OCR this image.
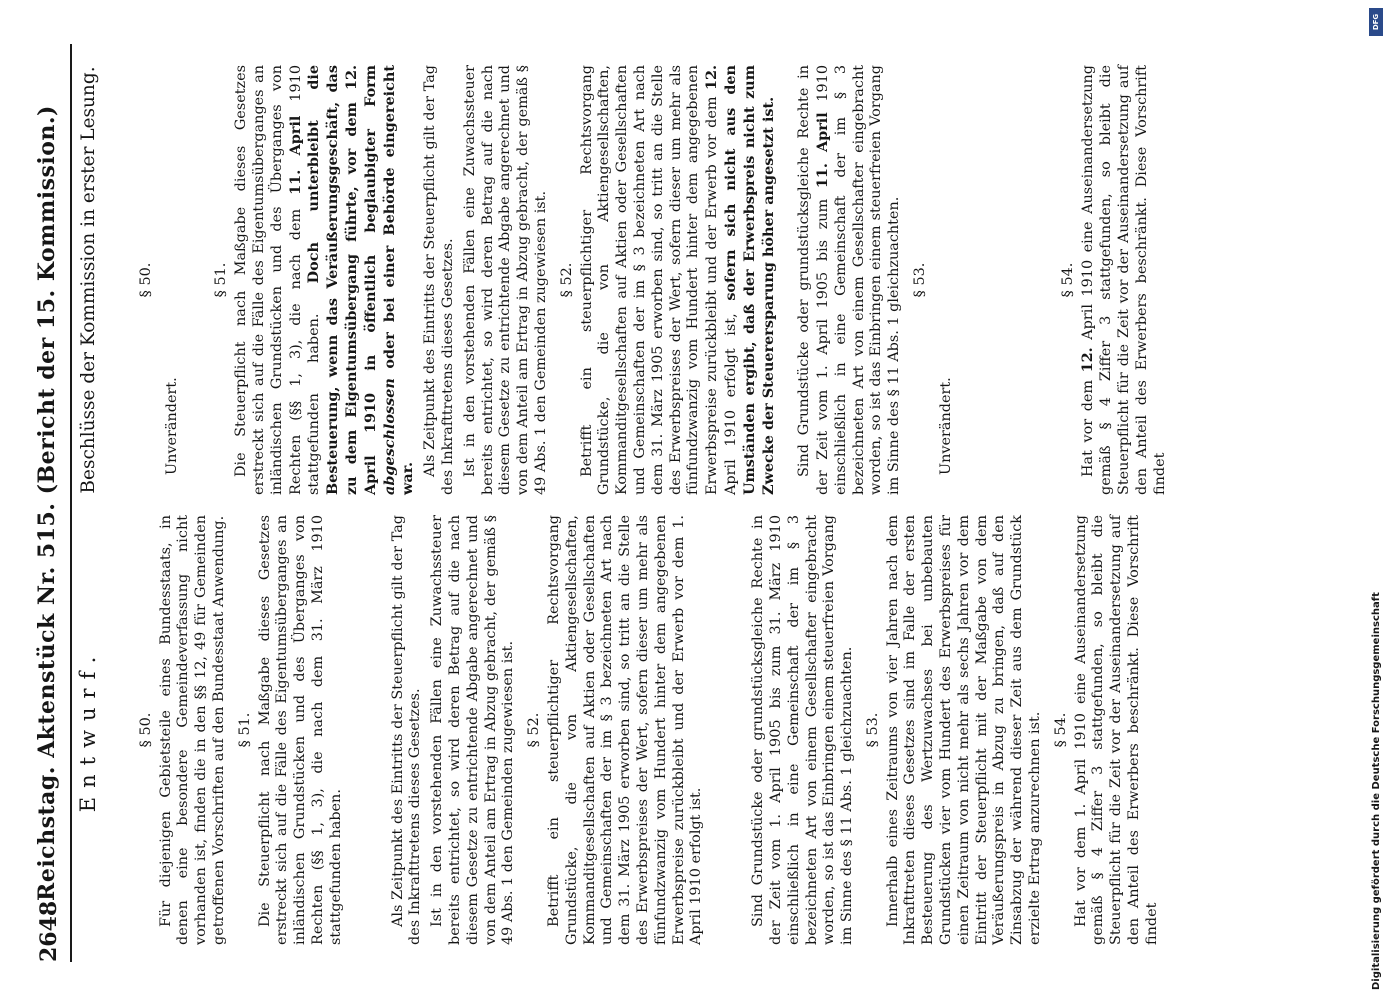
2648
Reichstag. Aktenstück Nr. 515. (Bericht der 15. Kommission.) Entwurf.	§ 50. Für diejenigen Gebietsteile eines Bundesstaats, in denen eine besondere Gemeindeverfassung nicht vorhanden ist, finden die in den §§ 12, 49 für Gemeinden getroffenen Vorschriften auf den Bundesstaat Anwendung. § 51. Die Steuerpflicht nach Maßgabe dieses Gesetzes erstreckt sich auf die Fälle des Eigentumsüberganges an inländischen Grundstücken und des Überganges von Rechten (§§ 1, 3), die nach dem 31. März 1910 stattgefunden haben.	Als Zeitpunkt des Eintritts der Steuerpflicht gilt der Tag des Inkrafttretens dieses Gesetzes. Ist in den vorstehenden Fällen eine Zuwachssteuer bereits entrichtet, so wird deren Betrag auf die nach diesem Gesetze zu entrichtende Abgabe angerechnet und von dem Anteil am Ertrag in Abzug gebracht, der gemäß § 49 Abs. 1 den Gemeinden zugewiesen ist. § 52. Betrifft ein steuerpflichtiger Rechtsvorgang Grundstücke, die von Aktiengesellschaften, Kommanditgesellschaften auf Aktien oder Gesellschaften und Gemeinschaften der im § 3 bezeichneten Art nach dem 31. März 1905 erworben sind, so tritt an die Stelle des Erwerbspreises der Wert, sofern dieser um mehr als fünfundzwanzig vom Hundert hinter dem angegebenen Erwerbspreise zurückbleibt und der Erwerb vor dem 1. April 1910 erfolgt ist.	Sind Grundstücke oder grundstücksgleiche Rechte in der Zeit vom 1. April 1905 bis zum 31. März 1910 einschließlich in eine Gemeinschaft der im § 3 bezeichneten Art von einem Gesellschafter eingebracht worden, so ist das Einbringen einem steuerfreien Vorgang im Sinne des § 11 Abs. 1 gleichzuachten. § 53. Innerhalb eines Zeitraums von vier Jahren nach dem Inkrafttreten dieses Gesetzes sind im Falle der ersten Besteuerung des Wertzuwachses bei unbebauten Grundstücken vier vom Hundert des Erwerbspreises für einen Zeitraum von nicht mehr als sechs Jahren vor dem Eintritt der Steuerpflicht mit der Maßgabe von dem Veräußerungspreis in Abzug zu bringen, daß auf den Zinsabzug der während dieser Zeit aus dem Grundstück erzielte Ertrag anzurechnen ist. § 54. Hat vor dem 1. April 1910 eine Auseinandersetzung gemäß § 4 Ziffer 3 stattgefunden, so bleibt die Steuerpflicht für die Zeit vor der Auseinandersetzung auf den Anteil des Erwerbers beschränkt. Diese Vorschrift findet

Beschlüsse der Kommission in erster Lesung.	§ 50.
Unverändert.
§ 51. Die Steuerpflicht nach Maßgabe dieses Gesetzes erstreckt sich auf die Fälle des Eigentumsüberganges an inländischen Grundstücken und des Überganges von Rechten (§§ 1, 3), die nach dem 11. April 1910 stattgefunden haben. Doch unterbleibt die Besteuerung, wenn das Veräußerungsgeschäft, das zu dem Eigentumsübergang führte, vor dem 12. April 1910 in öffentlich beglaubigter Form abgeschlossen oder bei einer Behörde eingereicht war.

Als Zeitpunkt des Eintritts der Steuerpflicht gilt der Tag des Inkrafttretens dieses Gesetzes. Ist in den vorstehenden Fällen eine Zuwachssteuer bereits entrichtet, so wird deren Betrag auf die nach diesem Gesetze zu entrichtende Abgabe angerechnet und von dem Anteil am Ertrag in Abzug gebracht, der gemäß § 49 Abs. 1 den Gemeinden zugewiesen ist. § 52. Betrifft ein steuerpflichtiger Rechtsvorgang Grundstücke, die von Aktiengesellschaften, Kommanditgesellschaften auf Aktien oder Gesellschaften und Gemeinschaften der im § 3 bezeichneten Art nach dem 31. März 1905 erworben sind, so tritt an die Stelle des Erwerbspreises der Wert, sofern dieser um mehr als fünfundzwanzig vom Hundert hinter dem angegebenen Erwerbspreise zurückbleibt und der Erwerb vor dem 12. April 1910 erfolgt ist, sofern sich nicht aus den Umständen ergibt, daß der Erwerbspreis nicht zum Zwecke der Steuerersparung höher angesetzt ist. Sind Grundstücke oder grundstücksgleiche Rechte in der Zeit vom 1. April 1905 bis zum 11. April 1910 einschließlich in eine Gemeinschaft der im § 3 bezeichneten Art von einem Gesellschafter eingebracht worden, so ist das Einbringen einem steuerfreien Vorgang im Sinne des § 11 Abs. 1 gleichzuachten. § 53.
Unverändert.
§ 54.

Hat vor dem 12. April 1910 eine Auseinandersetzung gemäß § 4 Ziffer 3 stattgefunden, so bleibt die Steuerpflicht für die Zeit vor der Auseinandersetzung auf den Anteil des Erwerbers beschränkt. Diese Vorschrift findet

DFG
Digitalisierung gefördert durch die Deutsche Forschungsgemeinschaft
